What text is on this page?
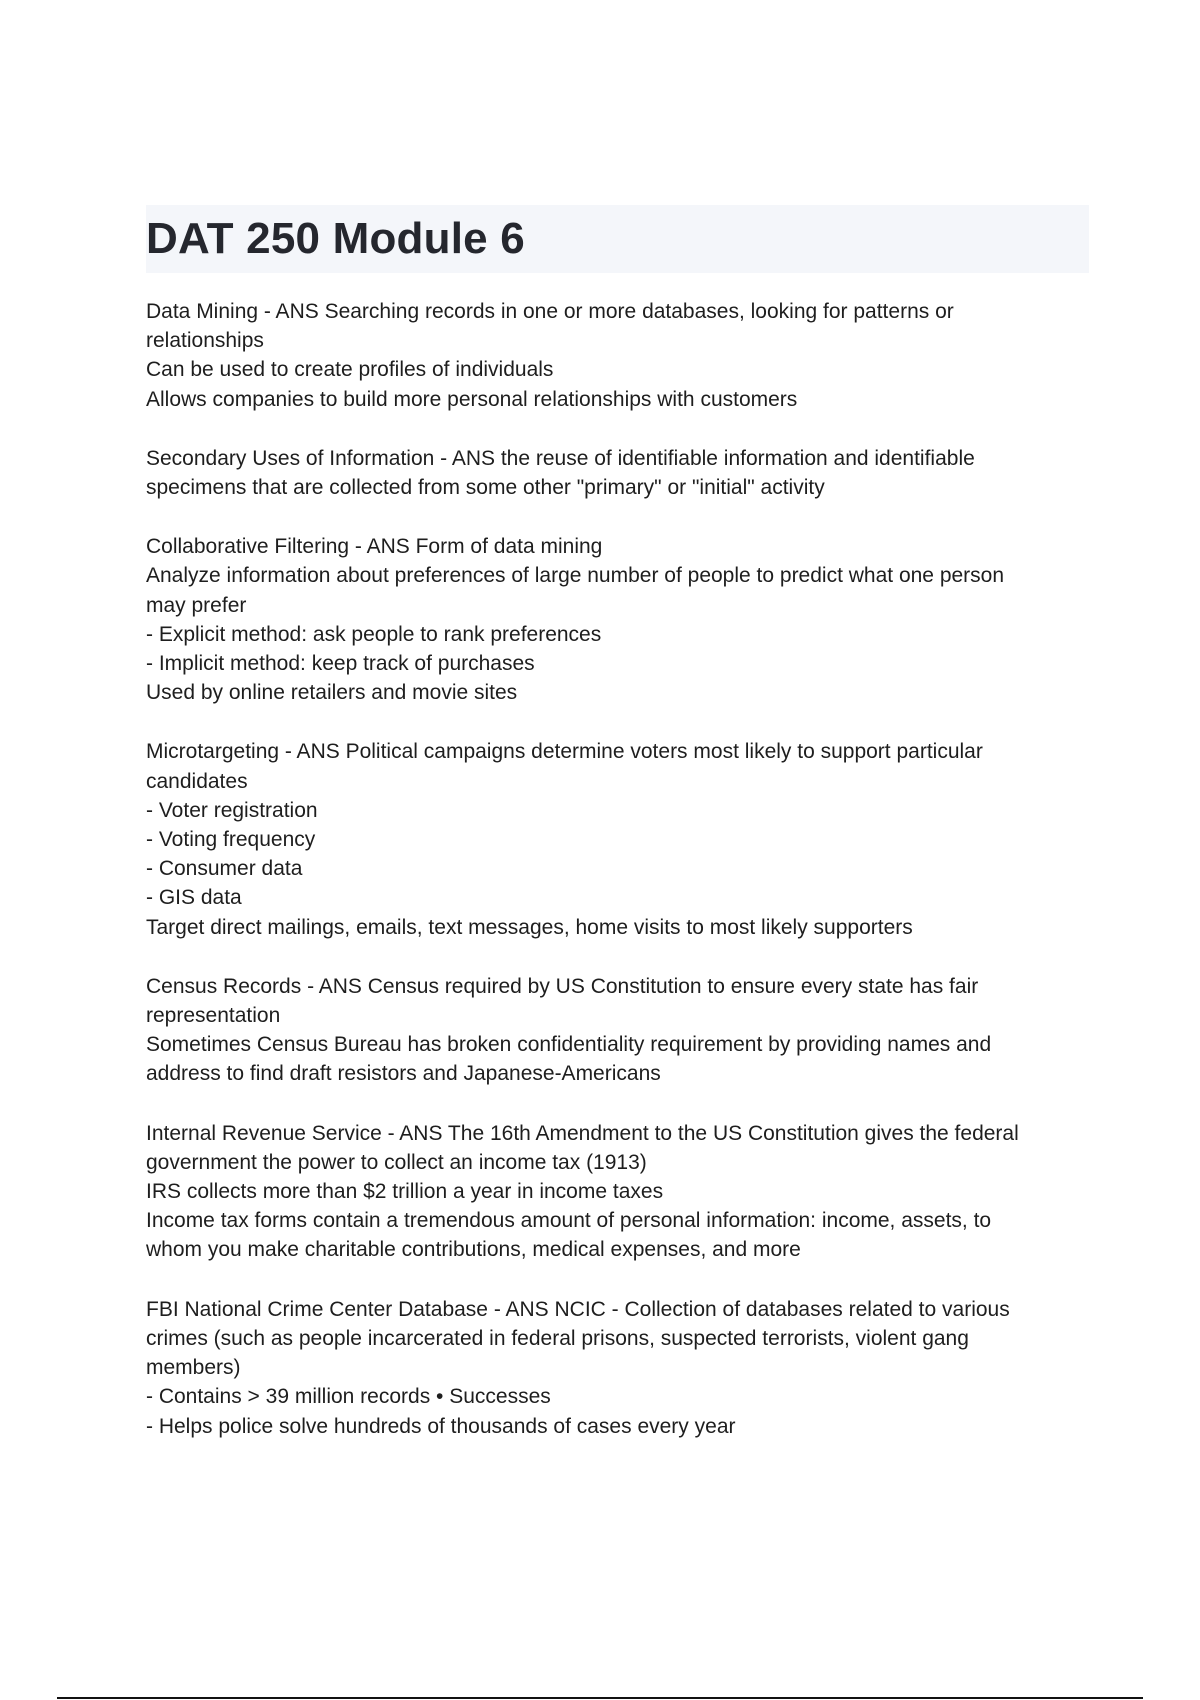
DAT 250 Module 6
Data Mining - ANS Searching records in one or more databases, looking for patterns or
relationships
Can be used to create profiles of individuals
Allows companies to build more personal relationships with customers
Secondary Uses of Information - ANS the reuse of identifiable information and identifiable
specimens that are collected from some other "primary" or "initial" activity
Collaborative Filtering - ANS Form of data mining
Analyze information about preferences of large number of people to predict what one person
may prefer
- Explicit method: ask people to rank preferences
- Implicit method: keep track of purchases
Used by online retailers and movie sites
Microtargeting - ANS Political campaigns determine voters most likely to support particular
candidates
- Voter registration
- Voting frequency
- Consumer data
- GIS data
Target direct mailings, emails, text messages, home visits to most likely supporters
Census Records - ANS Census required by US Constitution to ensure every state has fair
representation
Sometimes Census Bureau has broken confidentiality requirement by providing names and
address to find draft resistors and Japanese-Americans
Internal Revenue Service - ANS The 16th Amendment to the US Constitution gives the federal
government the power to collect an income tax (1913)
IRS collects more than $2 trillion a year in income taxes
Income tax forms contain a tremendous amount of personal information: income, assets, to
whom you make charitable contributions, medical expenses, and more
FBI National Crime Center Database - ANS NCIC - Collection of databases related to various
crimes (such as people incarcerated in federal prisons, suspected terrorists, violent gang
members)
- Contains > 39 million records • Successes
- Helps police solve hundreds of thousands of cases every year
